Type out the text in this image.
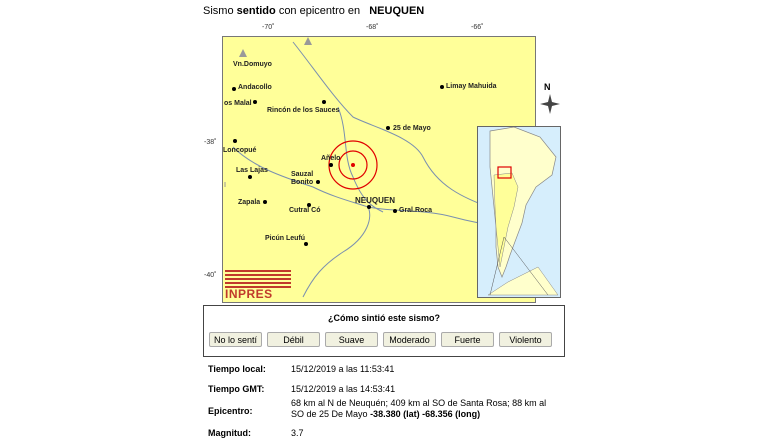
Sismo sentido con epicentro en NEUQUEN
-70˚	-68˚	-66˚
-38˚
-40˚
Vn.Domuyo
Andacollo
os Malal
Rincón de los Sauces
Limay Mahuida
25 de Mayo
Loncopué
Añelo
Las Lajas
Sauzal Bonito
Zapala
Cutral Có
NEUQUEN
Gral.Roca
Picún Leufú
INPRES
N
¿Cómo sintió este sismo?
No lo sentí	Débil	Suave	Moderado	Fuerte	Violento
Tiempo local:	15/12/2019 a las 11:53:41
Tiempo GMT:	15/12/2019 a las 14:53:41
Epicentro:
68 km al N de Neuquén; 409 km al SO de Santa Rosa; 88 km al SO de 25 De Mayo -38.380 (lat) -68.356 (long)
Magnitud:	3.7
